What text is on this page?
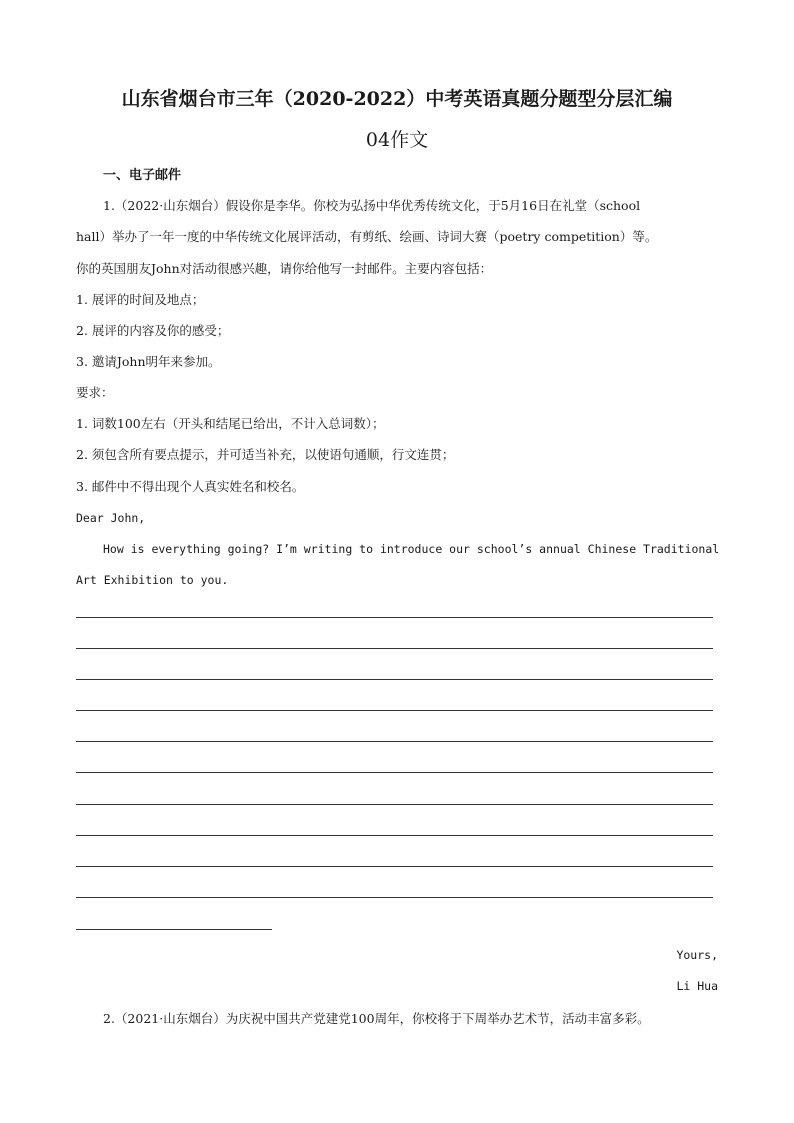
山东省烟台市三年（2020-2022）中考英语真题分题型分层汇编
04作文
一、电子邮件
1.（2022·山东烟台）假设你是李华。你校为弘扬中华优秀传统文化，于5月16日在礼堂（school
hall）举办了一年一度的中华传统文化展评活动，有剪纸、绘画、诗词大赛（poetry competition）等。
你的英国朋友John对活动很感兴趣，请你给他写一封邮件。主要内容包括：
1. 展评的时间及地点；
2. 展评的内容及你的感受；
3. 邀请John明年来参加。
要求：
1. 词数100左右（开头和结尾已给出，不计入总词数）；
2. 须包含所有要点提示，并可适当补充，以使语句通顺，行文连贯；
3. 邮件中不得出现个人真实姓名和校名。
Dear John,
How is everything going? I’m writing to introduce our school’s annual Chinese Traditional
Art Exhibition to you.
Yours,
Li Hua
2.（2021·山东烟台）为庆祝中国共产党建党100周年，你校将于下周举办艺术节，活动丰富多彩。
